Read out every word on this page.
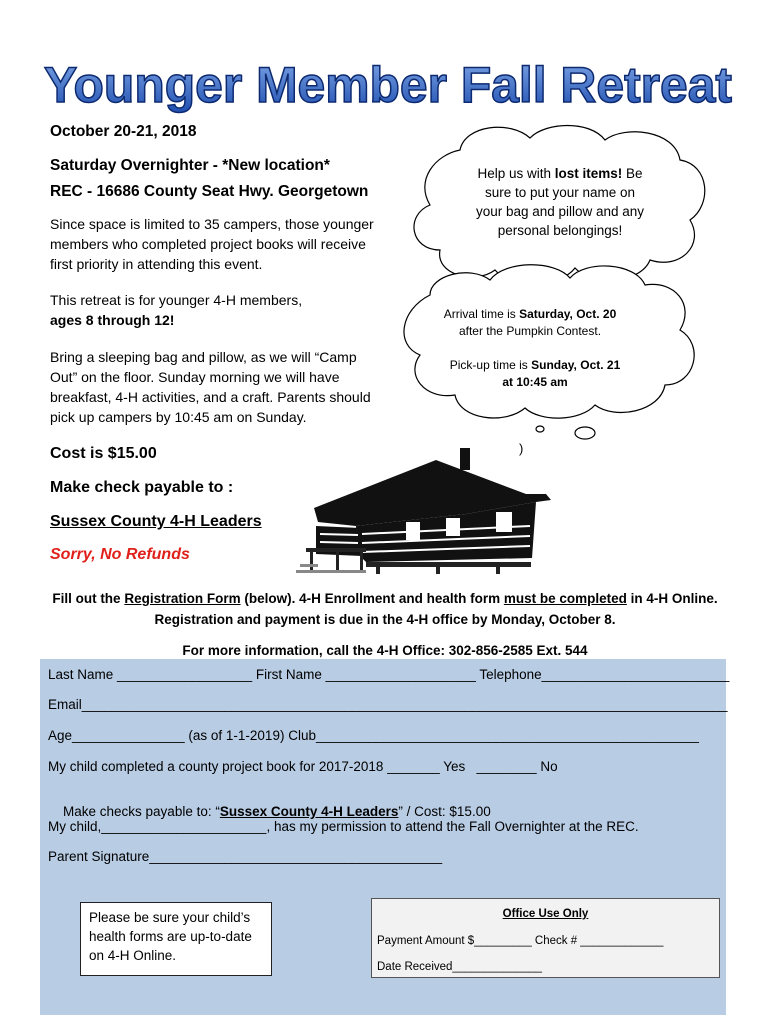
Younger Member Fall Retreat
October 20-21, 2018
Saturday Overnighter - *New location*
REC - 16686 County Seat Hwy. Georgetown
Since space is limited to 35 campers, those younger members who completed project books will receive first priority in attending this event.
This retreat is for younger 4-H members,
ages 8 through 12!
Bring a sleeping bag and pillow, as we will “Camp Out” on the floor. Sunday morning we will have breakfast, 4-H activities, and a craft. Parents should pick up campers by 10:45 am on Sunday.
Cost is $15.00
Make check payable to :
Sussex County 4-H Leaders
Sorry, No Refunds
Help us with lost items! Be sure to put your name on your bag and pillow and any personal belongings!
Arrival time is Saturday, Oct. 20
after the Pumpkin Contest.
Pick-up time is Sunday, Oct. 21 at 10:45 am
)
Fill out the Registration Form (below). 4-H Enrollment and health form must be completed in 4-H Online.
Registration and payment is due in the 4-H office by Monday, October 8.
For more information, call the 4-H Office: 302-856-2585 Ext. 544
Last Name __________________ First Name ____________________ Telephone_________________________
Email______________________________________________________________________________________
Age_______________ (as of 1-1-2019) Club___________________________________________________
My child completed a county project book for 2017-2018 _______ Yes   ________ No

Make checks payable to: “Sussex County 4-H Leaders” / Cost: $15.00

My child,______________________, has my permission to attend the Fall Overnighter at the REC.
Parent Signature_______________________________________
Please be sure your child’s health forms are up-to-date on 4-H Online.
Office Use Only
Payment Amount $_________ Check # _____________
Date Received______________
